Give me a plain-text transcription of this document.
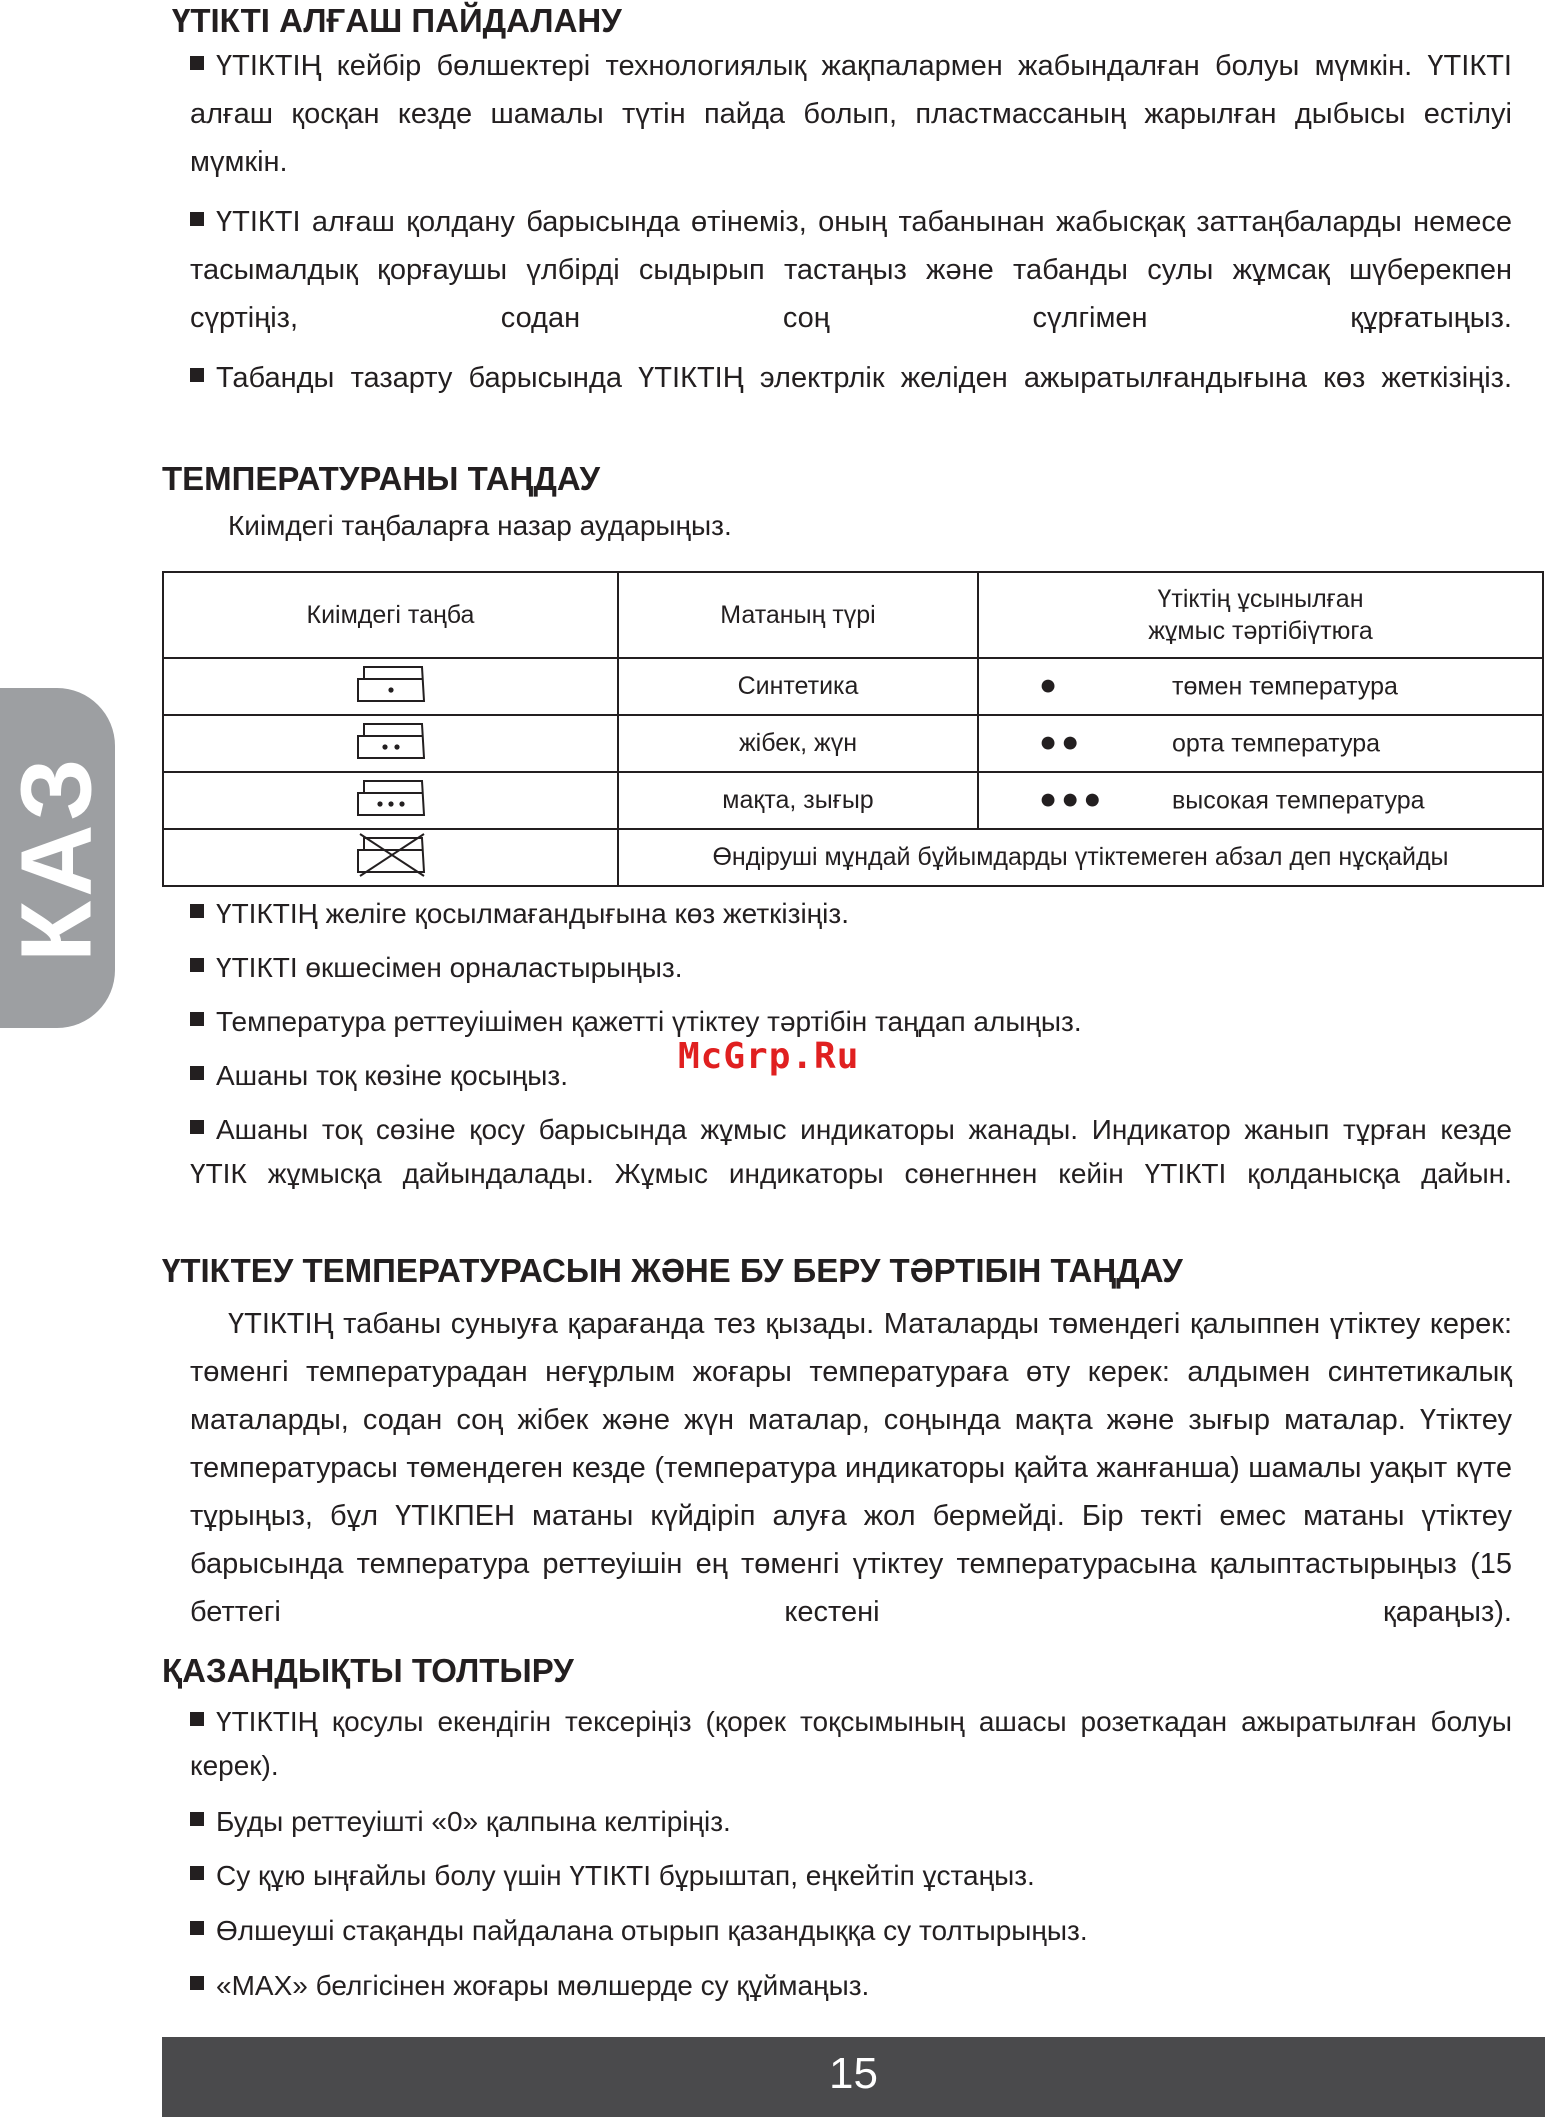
КАЗ
ҮТІКТІ АЛҒАШ ПАЙДАЛАНУ
ҮТІКТІҢ кейбір бөлшектері технологиялық жақпалармен жабындалған болуы мүмкін. ҮТІКТІ алғаш қосқан кезде шамалы түтін пайда болып, пластмассаның жарылған дыбысы естілуі мүмкін.
ҮТІКТІ алғаш қолдану барысында өтінеміз, оның табанынан жабысқақ заттаңбаларды немесе тасымалдық қорғаушы үлбірді сыдырып тастаңыз және табанды сулы жұмсақ шүберекпен сүртіңіз, содан соң сүлгімен құрғатыңыз.
Табанды тазарту барысында ҮТІКТІҢ электрлік желіден ажыратылғандығына көз жеткізіңіз.
ТЕМПЕРАТУРАНЫ ТАҢДАУ
Киімдегі таңбаларға назар аударыңыз.
Киімдегі таңба	Матаның түрі	Үтіктің ұсынылған
жұмыс тәртібіүтюга
	Синтетика	● төмен температура

	жібек, жүн	●● орта температура

	мақта, зығыр	●●● высокая температура

	Өндіруші мұндай бұйымдарды үтіктемеген абзал деп нұсқайды	
ҮТІКТІҢ желіге қосылмағандығына көз жеткізіңіз.
ҮТІКТІ өкшесімен орналастырыңыз.
Температура реттеуішімен қажетті үтіктеу тәртібін таңдап алыңыз.
Ашаны тоқ көзіне қосыңыз.
Ашаны тоқ сөзіне қосу барысында жұмыс индикаторы жанады. Индикатор жанып тұрған кезде ҮТІК жұмысқа дайындалады. Жұмыс индикаторы сөнегннен кейін ҮТІКТІ қолданысқа дайын.
ҮТІКТЕУ ТЕМПЕРАТУРАСЫН ЖӘНЕ БУ БЕРУ ТӘРТІБІН ТАҢДАУ
ҮТІКТІҢ табаны суныуға қарағанда тез қызады. Маталарды төмендегі қалыппен үтіктеу керек: төменгі температурадан неғұрлым жоғары температураға өту керек: алдымен синтетикалық маталарды, содан соң жібек және жүн маталар, соңында мақта және зығыр маталар. Үтіктеу температурасы төмендеген кезде (температура индикаторы қайта жанғанша) шамалы уақыт күте тұрыңыз, бұл ҮТІКПЕН матаны күйдіріп алуға жол бермейді. Бір текті емес матаны үтіктеу барысында температура реттеуішін ең төменгі үтіктеу температурасына қалыптастырыңыз (15 беттегі кестені қараңыз).
ҚАЗАНДЫҚТЫ ТОЛТЫРУ
ҮТІКТІҢ қосулы екендігін тексеріңіз (қорек тоқсымының ашасы розеткадан ажыратылған болуы керек).
Буды реттеуішті «0» қалпына келтіріңіз.
Су құю ыңғайлы болу үшін ҮТІКТІ бұрыштап, еңкейтіп ұстаңыз.
Өлшеуші стақанды пайдалана отырып қазандыққа су толтырыңыз.
«MAX» белгісінен жоғары мөлшерде су құймаңыз.
McGrp.Ru
15
